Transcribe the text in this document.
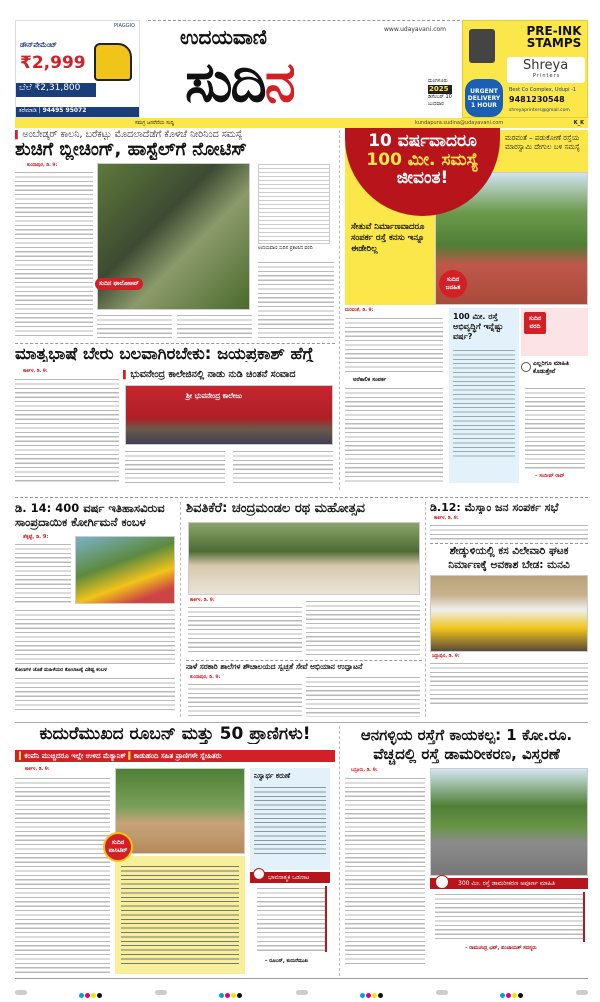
PIAGGIO
ಡೌನ್‌ಪೇಮೆಂಟ್
₹2,999
ಬೆಲೆ ₹2,31,800
ಕರೆಮಾಡಿ | 94495 95072
ಉದಯವಾಣಿ
ಸುದಿನ
www.udayavani.com
ಮಂಗಳೂರು
2025
ಡಿಸೆಂಬರ್ 10
ಬುಧವಾರ
PRE-INK STAMPS
Shreya
Printers
URGENT DELIVERY 1 HOUR
Best Co Complex, Udupi -1
9481230548
shreyaprinters@gmail.com
ಸಮಗ್ರ ಜನರೆದೆಯ ಸುದ್ದಿ	kundapura.sudina@udayavani.com	K_K
▍ಅಂಬೇಡ್ಕರ್ ಕಾಲನಿ, ಬರೆಕಟ್ಟು ಮೊದಲಾದೆಡೆಗೆ ಕೊಳಚೆ ನೀರಿನಿಂದ ಸಮಸ್ಯೆ
ಶುಚಿಗೆ ಬ್ಲೀಚಿಂಗ್, ಹಾಸ್ಟೆಲ್‌ಗೆ ನೋಟಿಸ್
ಕುಂದಾಪುರ, ಡಿ. 9:
ಸುದಿನ ಫಾಲೋಅಪ್
ಉದಯವಾಣಿ ಸುದಿನ ಪ್ರಕಟಿಸಿದ ವರದಿ
10 ವರ್ಷವಾದರೂ
100 ಮೀ. ಸಮಸ್ಯೆ
ಜೀವಂತ!
ಮರವಂತೆ – ಪಡುಕೋಣೆ ರಸ್ತೆಯ ಮಾರಸ್ವಾಮಿ ದೇಗುಲ ಬಳಿ ಸಮಸ್ಯೆ
ಸೇತುವೆ ನಿರ್ಮಾಣವಾದರೂ ಸಂಪರ್ಕ ರಸ್ತೆ ಕನಸು ಇನ್ನೂ ಈಡೇರಿಲ್ಲ
ಸುದಿನ ಜನಹಿತ
ಮರವಂತೆ, ಡಿ. 9:
ಅರೆಕಾಲಿಕ ಸಂಪರ್ಕ
100 ಮೀ. ರಸ್ತೆ ಅಭಿವೃದ್ಧಿಗೆ ಇನ್ನೆಷ್ಟು ವರ್ಷ?
ಸುದಿನ ವರದಿ
ಎಲ್ಲರಿಗೂ ಮಾಹಿತಿ ಕೊಡುತ್ತೇವೆ
– ಸಂದೀಪ್ ರಾವ್
ಮಾತೃಭಾಷೆ ಬೇರು ಬಲವಾಗಿರಬೇಕು: ಜಯಪ್ರಕಾಶ್ ಹೆಗ್ಡೆ
▍ಭುವನೇಂದ್ರ ಕಾಲೇಜಿನಲ್ಲಿ ನಾಡು ನುಡಿ ಚಿಂತನೆ ಸಂವಾದ
ಕಾರ್ಕಳ, ಡಿ. 9:
ಶ್ರೀ ಭುವನೇಂದ್ರ ಕಾಲೇಜು
ಡಿ. 14: 400 ವರ್ಷ ಇತಿಹಾಸವಿರುವ ಸಾಂಪ್ರದಾಯಿಕ ಕೋರ್ಗಿಮನೆ ಕಂಬಳ
ತೆಕ್ಕಟ್ಟೆ, ಡಿ. 9:
ಕೋಣಗಳ ಜೊತೆ ಮಹಿಳೆಯರ ಕೋಲಾಟಕ್ಕೆ ವಿಶಿಷ್ಟ ಕಂಬಳ
ಶಿವತಿಕೆರೆ: ಚಂದ್ರಮಂಡಲ ರಥ ಮಹೋತ್ಸವ
ಕಾರ್ಕಳ, ಡಿ. 9:
ನಾಳೆ ಸರಕಾರಿ ಶಾಲೆಗಳ ಶೌಚಾಲಯದ ಸ್ವಚ್ಛತೆ ಸೇವೆ ಅಭಿಯಾನ ಉದ್ಘಾಟನೆ
ಕುಂದಾಪುರ, ಡಿ. 9:
ಡಿ.12: ಮೆಸ್ಕಾಂ ಜನ ಸಂಪರ್ಕ ಸಭೆ
ಕಾರ್ಕಳ, ಡಿ. 9:
ಶೇಡ್ಕುಳಿಯಲ್ಲಿ ಕಸ ವಿಲೇವಾರಿ ಘಟಕ ನಿರ್ಮಾಣಕ್ಕೆ ಅವಕಾಶ ಬೇಡ: ಮನವಿ
ಸಿದ್ದಾಪುರ, ಡಿ. 9:
ಕುದುರೆಮುಖದ ರೂಬನ್ ಮತ್ತು 50 ಪ್ರಾಣಿಗಳು!
▍ಕಂಪೆನಿ ಮುಚ್ಚಿದರೂ ಇಲ್ಲೇ ಉಳಿದ ಮೆಕ್ಯಾನಿಕ್ ▍ಕಾಡುಹಂದಿ ಸಹಿತ ಪ್ರಾಣಿಗಳೇ ಸ್ನೇಹಿತರು
ಕಾರ್ಕಳ, ಡಿ. 9:
ಸುದಿನ ಪಾಸಿಟಿವ್
ನಿಸ್ವಾರ್ಥ ಕರುಣೆ
ಭಾವನಾತ್ಮಕ ಒಡನಾಟ
– ರೂಬನ್, ಕುದುರೆಮುಖ
ಆನಗಳ್ಳಿಯ ರಸ್ತೆಗೆ ಕಾಯಕಲ್ಪ: 1 ಕೋ.ರೂ. ವೆಚ್ಚದಲ್ಲಿ ರಸ್ತೆ ಡಾಮರೀಕರಣ, ವಿಸ್ತರಣೆ
ಬಸ್ರೂರು, ಡಿ. 9:
300 ಮೀ. ರಸ್ತೆ ಡಾಮರೀಕರಣ ಅಪೂರ್ಣ ಮಾಹಿತಿ
– ರಾಮಚಂದ್ರ ಭಟ್, ಪಂಚಾಯತ್ ಸದಸ್ಯರು
